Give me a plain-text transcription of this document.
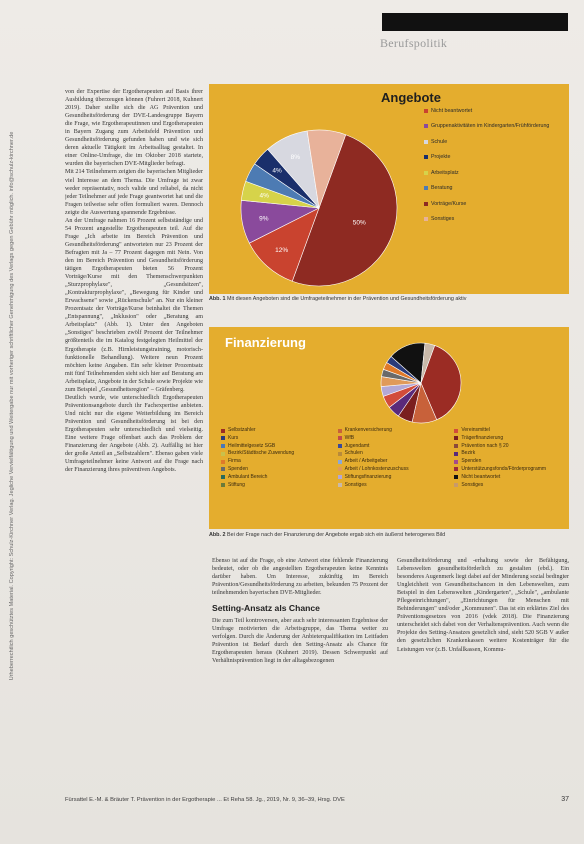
Berufspolitik
Urheberrechtlich geschütztes Material. Copyright: Schulz-Kirchner Verlag. Jegliche Vervielfältigung und Weitergabe nur mit vorheriger schriftlicher Genehmigung des Verlags gegen Gebühr möglich. info@schulz-kirchner.de

von der Expertise der Ergotherapeuten auf Basis ihrer Ausbildung überzeugen können (Fuhrert 2018, Kuhnert 2019). Daher stellte sich die AG Prävention und Gesundheitsförderung der DVE-Landesgruppe Bayern die Frage, wie Ergotherapeutinnen und Ergotherapeuten in Bayern Zugang zum Arbeitsfeld Prävention und Gesundheitsförderung gefunden haben und wie sich deren aktuelle Tätigkeit im Arbeitsalltag gestaltet. In einer Online-Umfrage, die im Oktober 2018 startete, wurden die bayerischen DVE-Mitglieder befragt.

Mit 214 Teilnehmern zeigten die bayerischen Mitglieder viel Interesse an dem Thema. Die Umfrage ist zwar weder repräsentativ, noch valide und reliabel, da nicht jeder Teilnehmer auf jede Frage geantwortet hat und die Fragen teilweise sehr offen formuliert waren. Dennoch zeigte die Auswertung spannende Ergebnisse.

An der Umfrage nahmen 16 Prozent selbstständige und 54 Prozent angestellte Ergotherapeuten teil. Auf die Frage „Ich arbeite im Bereich Prävention und Gesundheitsförderung" antworteten nur 23 Prozent der Befragten mit Ja – 77 Prozent dagegen mit Nein. Von den im Bereich Prävention und Gesundheitsförderung tätigen Ergotherapeuten bieten 56 Prozent Vorträge/Kurse mit den Themenschwerpunkten „Sturzprophylaxe", „Gesundsitzen", „Kontrakturprophylaxe", „Bewegung für Kinder und Erwachsene" sowie „Rückenschule" an. Nur ein kleiner Prozentsatz der Vorträge/Kurse beinhaltet die Themen „Entspannung", „Inklusion" oder „Beratung am Arbeitsplatz" (Abb. 1). Unter den Angeboten „Sonstiges" beschrieben zwölf Prozent der Teilnehmer größtenteils die im Katalog festgelegten Heilmittel der Ergotherapie (z.B. Hirnleistungstraining, motorisch-funktionelle Behandlung). Weitere neun Prozent möchten keine Angaben. Ein sehr kleiner Prozentsatz mit fünf Teilnehmenden sieht sich hier auf Beratung am Arbeitsplatz, Angebote in der Schule sowie Projekte wie zum Beispiel „Gesundheitsregion" – Gräfenberg.

Deutlich wurde, wie unterschiedlich Ergotherapeuten Präventionsangebote durch ihr Fachexpertise anbieten. Und nicht nur die eigene Weiterbildung im Bereich Prävention und Gesundheitsförderung ist bei den Ergotherapeuten sehr unterschiedlich und vielseitig. Eine weitere Frage offenbart auch das Problem der Finanzierung der Angebote (Abb. 2). Auffällig ist hier der große Anteil an „Selbstzahlern". Ebenso gaben viele Umfrageteilnehmer keine Antwort auf die Frage nach der Finanzierung ihres präventiven Angebots.

50%
12%
9%
4%
4%
8%
Angebote
Nicht beantwortet
Gruppenaktivitäten im Kindergarten/Frühförderung
Schule
Projekte
Arbeitsplatz
Beratung
Vorträge/Kurse
Sonstiges
Abb. 1 Mit diesen Angeboten sind die Umfrageteilnehmer in der Prävention und Gesundheitsförderung aktiv
Finanzierung
Selbstzahler	Krankenversicherung	Vereinsmittel
Kurs	WfB	Trägerfinanzierung
Heilmittelgesetz SGB	Jugendamt	Prävention nach § 20
Bezirk/Städtische Zuwendung	Schulen	Bezirk
Firma	Arbeit / Arbeitgeber	Spenden
Spenden	Arbeit / Lohnkostenzuschuss	Unterstützungsfonds/Förderprogramm
Ambulant Bereich	Stiftungsfinanzierung	Nicht beantwortet
Stiftung	Sonstiges	Sonstiges
Abb. 2 Bei der Frage nach der Finanzierung der Angebote ergab sich ein äußerst heterogenes Bild

Ebenso ist auf die Frage, ob eine Antwort eine fehlende Finanzierung bedeutet, oder ob die angestellten Ergotherapeuten keine Kenntnis darüber haben. Um Interesse, zukünftig im Bereich Prävention/Gesundheitsförderung zu arbeiten, bekunden 75 Prozent der teilnehmenden bayerischen DVE-Mitglieder.

Setting-Ansatz als Chance

Die zum Teil kontroversen, aber auch sehr interessanten Ergebnisse der Umfrage motivierten die Arbeitsgruppe, das Thema weiter zu verfolgen. Durch die Änderung der Anbieterqualifikation im Leitfaden Prävention ist Bedarf durch den Setting-Ansatz als Chance für Ergotherapeuten heraus (Kuhnert 2019). Dessen Schwerpunkt auf Verhältnisprävention liegt in der alltagsbezogenen

Gesundheitsförderung und -erhaltung sowie der Befähigung, Lebenswelten gesundheitsförderlich zu gestalten (ebd.). Ein besonderes Augenmerk liegt dabei auf der Minderung sozial bedingter Ungleichheit von Gesundheitschancen in den Lebenswelten, zum Beispiel in den Lebenswelten „Kindergarten", „Schule", „ambulante Pflegeeinrichtungen", „Einrichtungen für Menschen mit Behinderungen" und/oder „Kommunen". Das ist ein erklärtes Ziel des Präventionsgesetzes von 2016 (vdek 2018). Die Finanzierung unterscheidet sich dabei von der Verhaltensprävention. Auch wenn die Projekte des Setting-Ansatzes gesetzlich sind, sieht 520 SGB V außer den gesetzlichen Krankenkassen weitere Kostenträger für die Leistungen vor (z.B. Unfallkassen, Kommu-

Fürsattel E.-M. & Bräuter T. Prävention in der Ergotherapie ... Et Reha 58. Jg., 2019, Nr. 9, 36–39, Hrsg. DVE	37
